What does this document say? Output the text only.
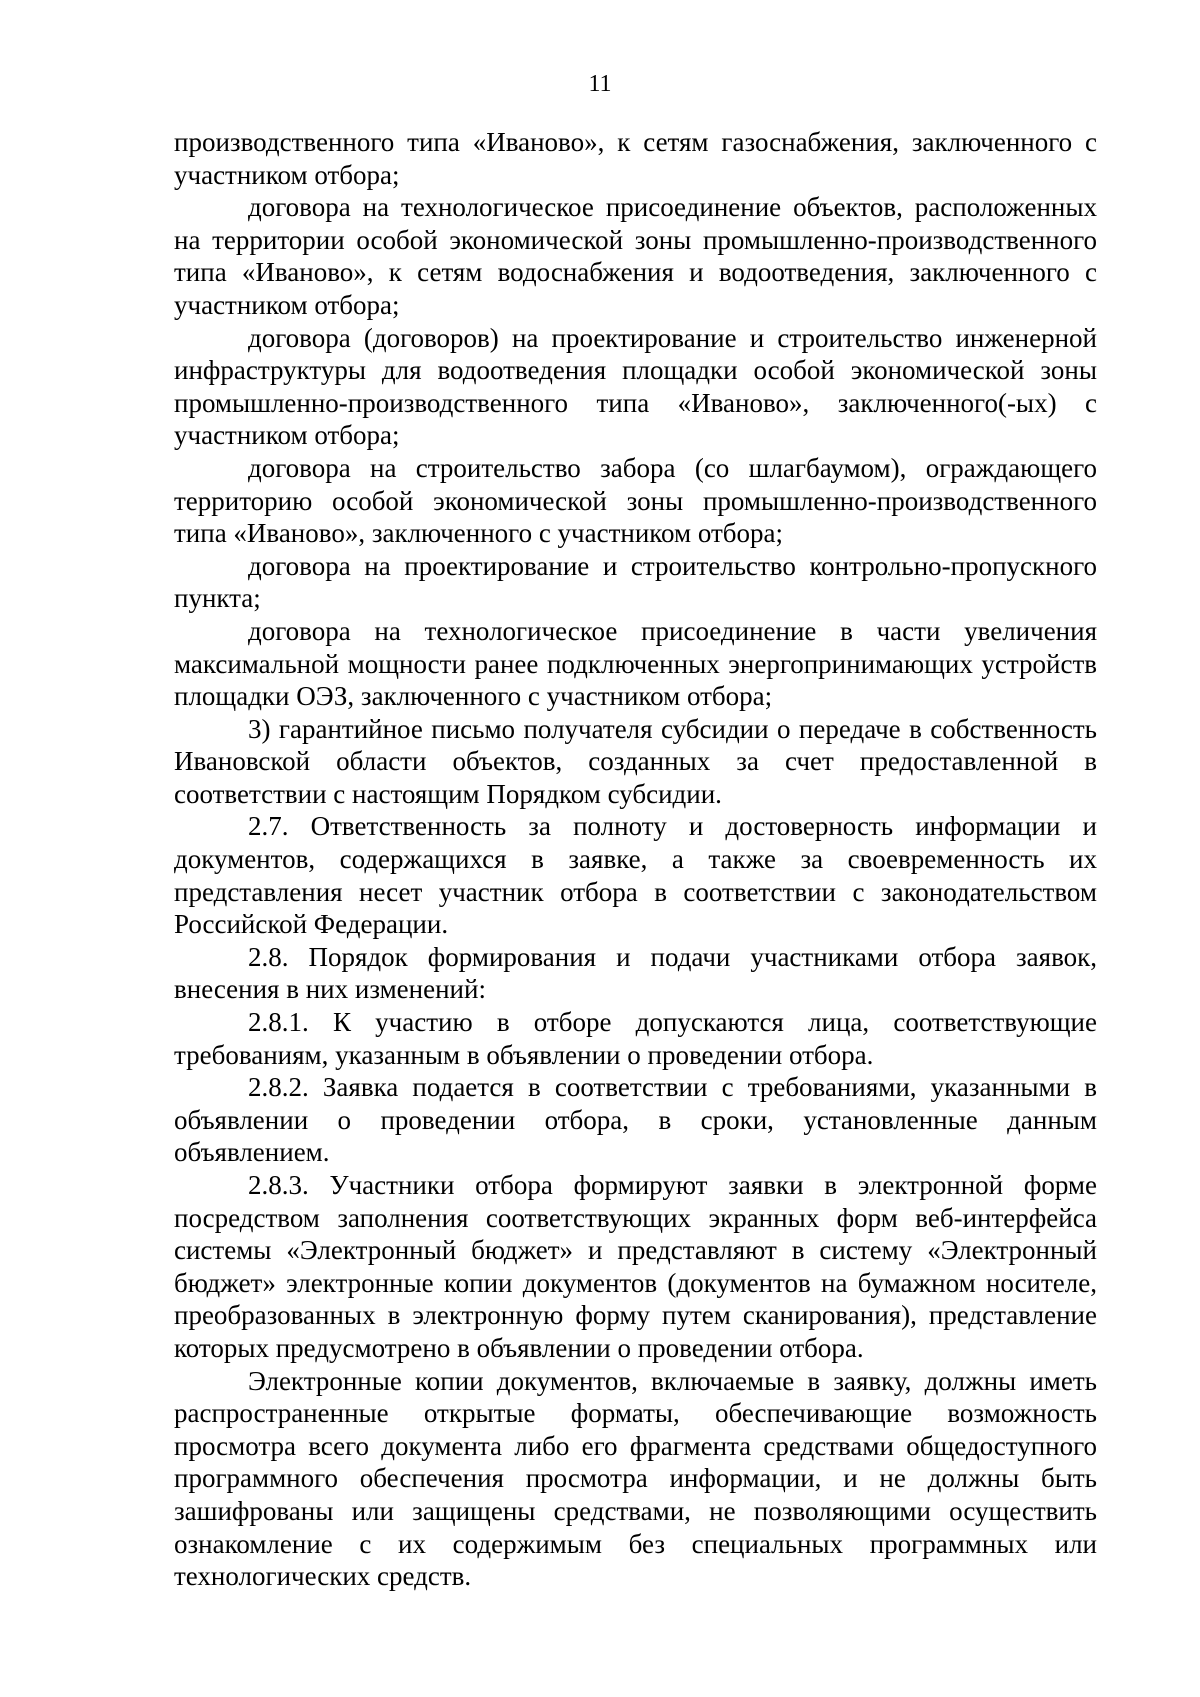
11

производственного типа «Иваново», к сетям газоснабжения, заключенного с участником отбора;

договора на технологическое присоединение объектов, расположенных на территории особой экономической зоны промышленно-производственного типа «Иваново», к сетям водоснабжения и водоотведения, заключенного с участником отбора;

договора (договоров) на проектирование и строительство инженерной инфраструктуры для водоотведения площадки особой экономической зоны промышленно-производственного типа «Иваново», заключенного(-ых) с участником отбора;

договора на строительство забора (со шлагбаумом), ограждающего территорию особой экономической зоны промышленно-производственного типа «Иваново», заключенного с участником отбора;

договора на проектирование и строительство контрольно-пропускного пункта;

договора на технологическое присоединение в части увеличения максимальной мощности ранее подключенных энергопринимающих устройств площадки ОЭЗ, заключенного с участником отбора;

3) гарантийное письмо получателя субсидии о передаче в собственность Ивановской области объектов, созданных за счет предоставленной в соответствии с настоящим Порядком субсидии.

2.7. Ответственность за полноту и достоверность информации и документов, содержащихся в заявке, а также за своевременность их представления несет участник отбора в соответствии с законодательством Российской Федерации.

2.8. Порядок формирования и подачи участниками отбора заявок, внесения в них изменений:

2.8.1. К участию в отборе допускаются лица, соответствующие требованиям, указанным в объявлении о проведении отбора.

2.8.2. Заявка подается в соответствии с требованиями, указанными в объявлении о проведении отбора, в сроки, установленные данным объявлением.

2.8.3. Участники отбора формируют заявки в электронной форме посредством заполнения соответствующих экранных форм веб-интерфейса системы «Электронный бюджет» и представляют в систему «Электронный бюджет» электронные копии документов (документов на бумажном носителе, преобразованных в электронную форму путем сканирования), представление которых предусмотрено в объявлении о проведении отбора.

Электронные копии документов, включаемые в заявку, должны иметь распространенные открытые форматы, обеспечивающие возможность просмотра всего документа либо его фрагмента средствами общедоступного программного обеспечения просмотра информации, и не должны быть зашифрованы или защищены средствами, не позволяющими осуществить ознакомление с их содержимым без специальных программных или технологических средств.
